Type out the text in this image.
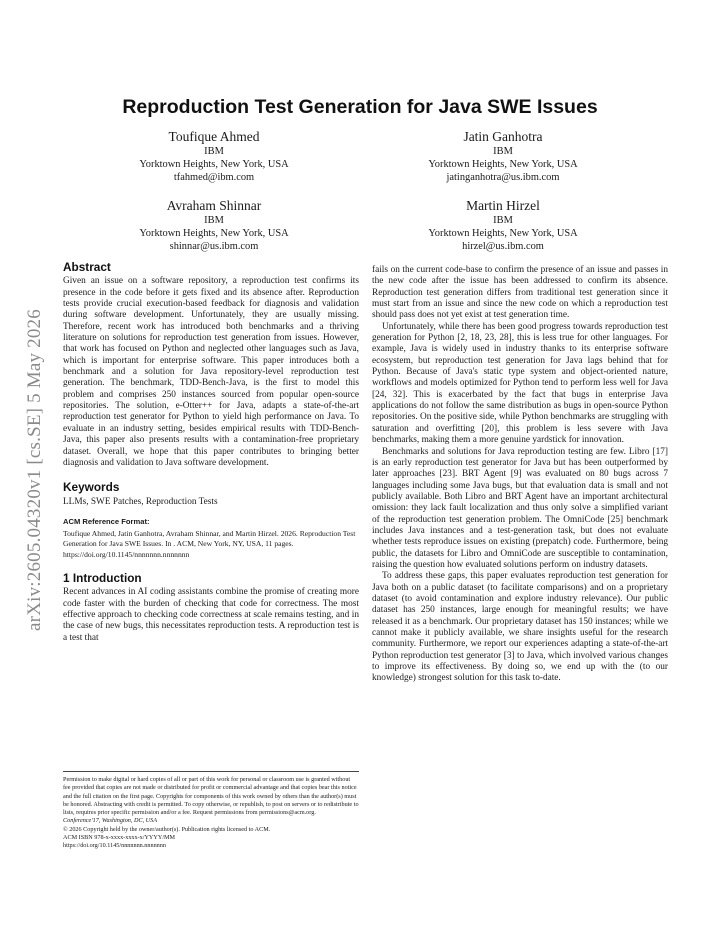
arXiv:2605.04320v1 [cs.SE] 5 May 2026
Reproduction Test Generation for Java SWE Issues
Toufique Ahmed
IBM
Yorktown Heights, New York, USA
tfahmed@ibm.com
Jatin Ganhotra
IBM
Yorktown Heights, New York, USA
jatinganhotra@us.ibm.com
Avraham Shinnar
IBM
Yorktown Heights, New York, USA
shinnar@us.ibm.com
Martin Hirzel
IBM
Yorktown Heights, New York, USA
hirzel@us.ibm.com
Abstract

Given an issue on a software repository, a reproduction test confirms its presence in the code before it gets fixed and its absence after. Reproduction tests provide crucial execution-based feedback for diagnosis and validation during software development. Unfortunately, they are usually missing. Therefore, recent work has introduced both benchmarks and a thriving literature on solutions for reproduction test generation from issues. However, that work has focused on Python and neglected other languages such as Java, which is important for enterprise software. This paper introduces both a benchmark and a solution for Java repository-level reproduction test generation. The benchmark, TDD-Bench-Java, is the first to model this problem and comprises 250 instances sourced from popular open-source repositories. The solution, e-Otter++ for Java, adapts a state-of-the-art reproduction test generator for Python to yield high performance on Java. To evaluate in an industry setting, besides empirical results with TDD-Bench-Java, this paper also presents results with a contamination-free proprietary dataset. Overall, we hope that this paper contributes to bringing better diagnosis and validation to Java software development.

Keywords

LLMs, SWE Patches, Reproduction Tests

ACM Reference Format:

Toufique Ahmed, Jatin Ganhotra, Avraham Shinnar, and Martin Hirzel. 2026. Reproduction Test Generation for Java SWE Issues. In . ACM, New York, NY, USA, 11 pages. https://doi.org/10.1145/nnnnnnn.nnnnnnn

1 Introduction

Recent advances in AI coding assistants combine the promise of creating more code faster with the burden of checking that code for correctness. The most effective approach to checking code correctness at scale remains testing, and in the case of new bugs, this necessitates reproduction tests. A reproduction test is a test that

Permission to make digital or hard copies of all or part of this work for personal or classroom use is granted without fee provided that copies are not made or distributed for profit or commercial advantage and that copies bear this notice and the full citation on the first page. Copyrights for components of this work owned by others than the author(s) must be honored. Abstracting with credit is permitted. To copy otherwise, or republish, to post on servers or to redistribute to lists, requires prior specific permission and/or a fee. Request permissions from permissions@acm.org.

Conference'17, Washington, DC, USA

© 2026 Copyright held by the owner/author(s). Publication rights licensed to ACM.

ACM ISBN 978-x-xxxx-xxxx-x/YYYY/MM

https://doi.org/10.1145/nnnnnnn.nnnnnnn

fails on the current code-base to confirm the presence of an issue and passes in the new code after the issue has been addressed to confirm its absence. Reproduction test generation differs from traditional test generation since it must start from an issue and since the new code on which a reproduction test should pass does not yet exist at test generation time.

Unfortunately, while there has been good progress towards reproduction test generation for Python [2, 18, 23, 28], this is less true for other languages. For example, Java is widely used in industry thanks to its enterprise software ecosystem, but reproduction test generation for Java lags behind that for Python. Because of Java's static type system and object-oriented nature, workflows and models optimized for Python tend to perform less well for Java [24, 32]. This is exacerbated by the fact that bugs in enterprise Java applications do not follow the same distribution as bugs in open-source Python repositories. On the positive side, while Python benchmarks are struggling with saturation and overfitting [20], this problem is less severe with Java benchmarks, making them a more genuine yardstick for innovation.

Benchmarks and solutions for Java reproduction testing are few. Libro [17] is an early reproduction test generator for Java but has been outperformed by later approaches [23]. BRT Agent [9] was evaluated on 80 bugs across 7 languages including some Java bugs, but that evaluation data is small and not publicly available. Both Libro and BRT Agent have an important architectural omission: they lack fault localization and thus only solve a simplified variant of the reproduction test generation problem. The OmniCode [25] benchmark includes Java instances and a test-generation task, but does not evaluate whether tests reproduce issues on existing (prepatch) code. Furthermore, being public, the datasets for Libro and OmniCode are susceptible to contamination, raising the question how evaluated solutions perform on industry datasets.

To address these gaps, this paper evaluates reproduction test generation for Java both on a public dataset (to facilitate comparisons) and on a proprietary dataset (to avoid contamination and explore industry relevance). Our public dataset has 250 instances, large enough for meaningful results; we have released it as a benchmark. Our proprietary dataset has 150 instances; while we cannot make it publicly available, we share insights useful for the research community. Furthermore, we report our experiences adapting a state-of-the-art Python reproduction test generator [3] to Java, which involved various changes to improve its effectiveness. By doing so, we end up with the (to our knowledge) strongest solution for this task to-date.
